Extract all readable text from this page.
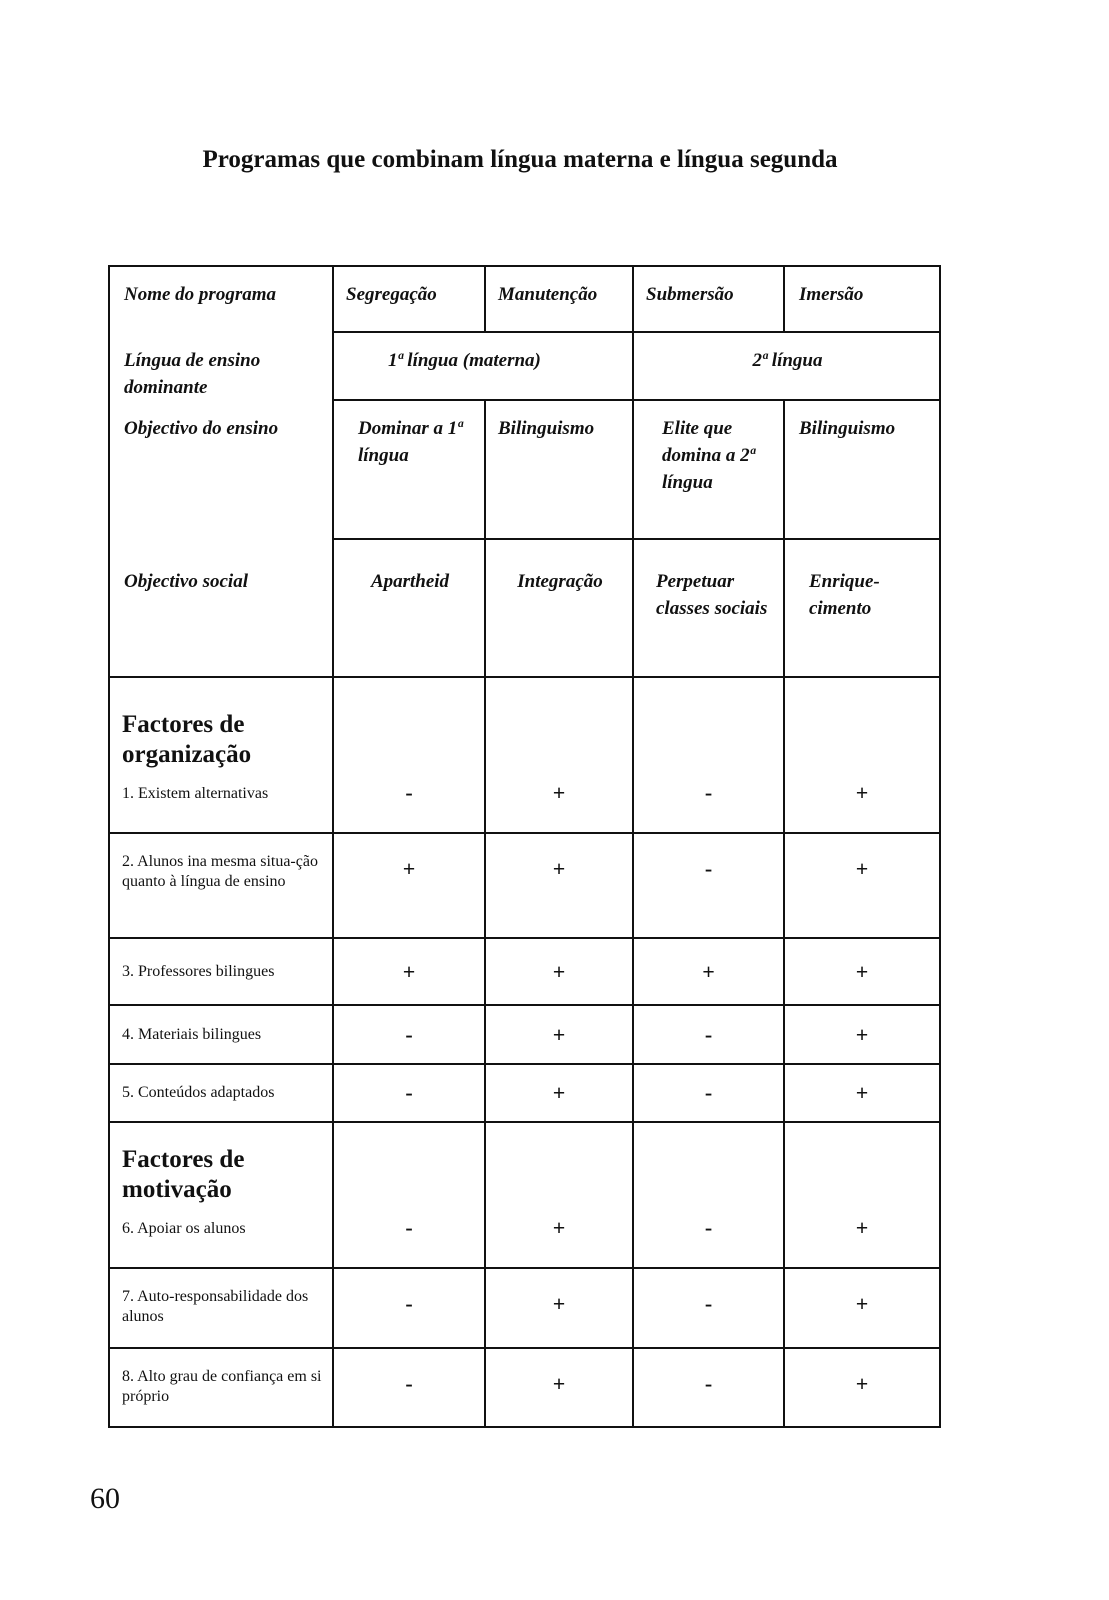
Programas que combinam língua materna e língua segunda
Nome do programa	Segregação	Manutenção	Submersão	Imersão
Língua de ensino dominante	1ª língua (materna)		2ª língua	
Objectivo do ensino	Dominar a 1ª língua	Bilinguismo	Elite que domina a 2ª língua	Bilinguismo
Objectivo social	Apartheid	Integração	Perpetuar classes sociais	Enrique-cimento

Factores de organização
1. Existem alternativas	-	+	-	+

2. Alunos ina mesma situa-ção quanto à língua de ensino	+	+	-	+

3. Professores bilingues	+	+	+	+

4. Materiais bilingues	-	+	-	+

5. Conteúdos adaptados	-	+	-	+

Factores de motivação
6. Apoiar os alunos	-	+	-	+

7. Auto-responsabilidade dos alunos	-	+	-	+

8. Alto grau de confiança em si próprio	-	+	-	+
60
